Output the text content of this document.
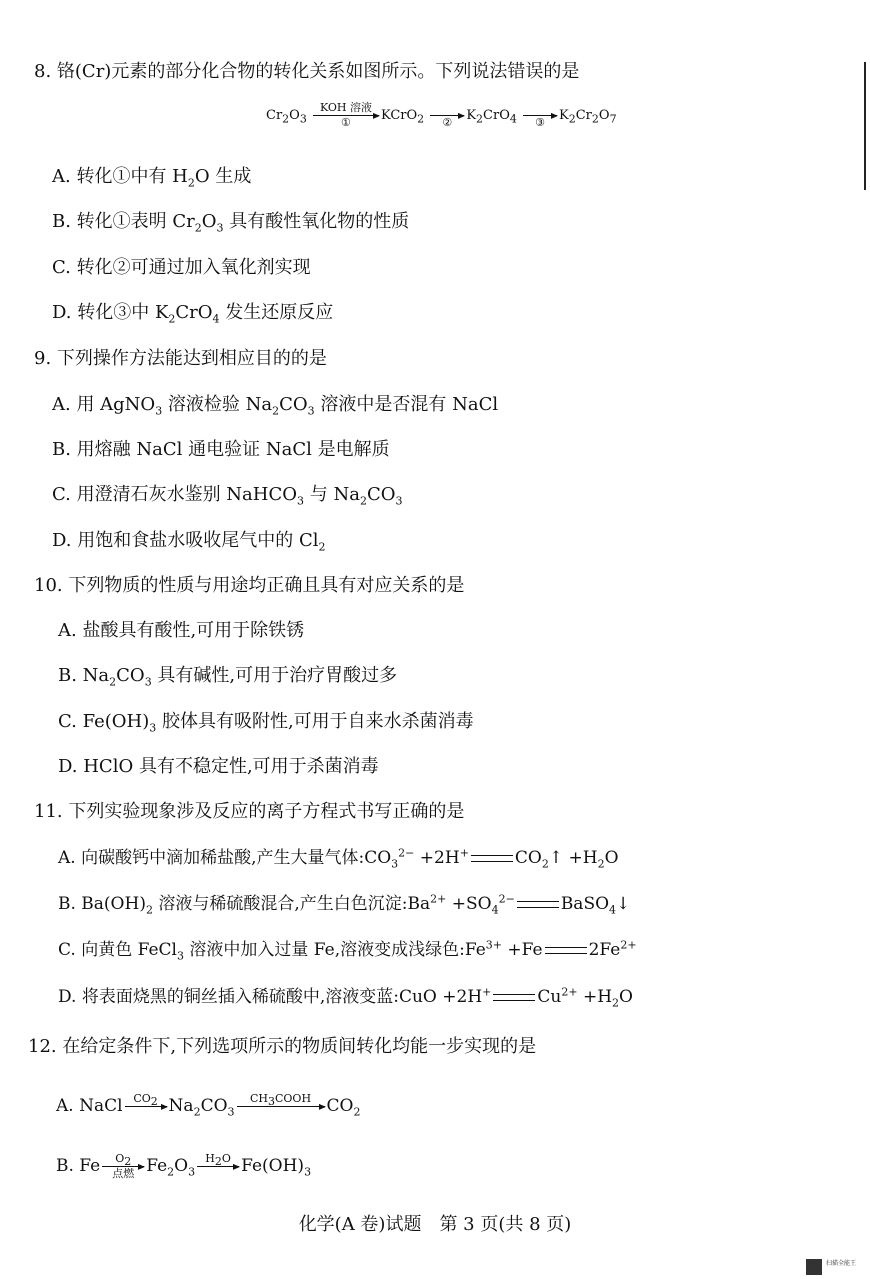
8. 铬(Cr)元素的部分化合物的转化关系如图所示。下列说法错误的是
$Cr_2O_3$
KOH 溶液
①	KCrO$_2$	②	$K_2CrO_4$	③	$K_2Cr_2O_7$
A. 转化①中有 $H_2O$ 生成
B. 转化①表明 $Cr_2O_3$ 具有酸性氧化物的性质
C. 转化②可通过加入氧化剂实现
D. 转化③中 $K_2CrO_4$ 发生还原反应
9. 下列操作方法能达到相应目的的是
A. 用 AgNO$_3$ 溶液检验 $Na_2CO_3$ 溶液中是否混有 NaCl
B. 用熔融 NaCl 通电验证 NaCl 是电解质
C. 用澄清石灰水鉴别 NaHCO$_3$ 与 $Na_2CO_3$
D. 用饱和食盐水吸收尾气中的 $Cl_2$
10. 下列物质的性质与用途均正确且具有对应关系的是
A. 盐酸具有酸性,可用于除铁锈
B. $Na_2CO_3$ 具有碱性,可用于治疗胃酸过多
C. $Fe(OH)_3$ 胶体具有吸附性,可用于自来水杀菌消毒
D. HClO 具有不稳定性,可用于杀菌消毒
11. 下列实验现象涉及反应的离子方程式书写正确的是
A. 向碳酸钙中滴加稀盐酸,产生大量气体$:CO_3^{2-} +2H^+$	$CO_2↑ +H_2O$
B. $Ba(OH)_2$ 溶液与稀硫酸混合,产生白色沉淀$:Ba^{2+} +SO_4^{2-}$	BaSO$_4$↓
C. 向黄色 FeCl$_3$ 溶液中加入过量 Fe,溶液变成浅绿色$:Fe^{3+} +Fe$	$2Fe^{2+}$
D. 将表面烧黑的铜丝插入稀硫酸中,溶液变蓝:CuO +2H+	$Cu^{2+} +H_2O$
12. 在给定条件下,下列选项所示的物质间转化均能一步实现的是
A. NaCl $CO_2$ $Na_2CO_3$
$CH_3COOH$ $CO_2$
B. Fe	$O_2$
点燃 $Fe_2O_3$
$H_2O$ $Fe(OH)_3$
化学(A 卷)试题　第 3 页(共 8 页)
扫描全能王
